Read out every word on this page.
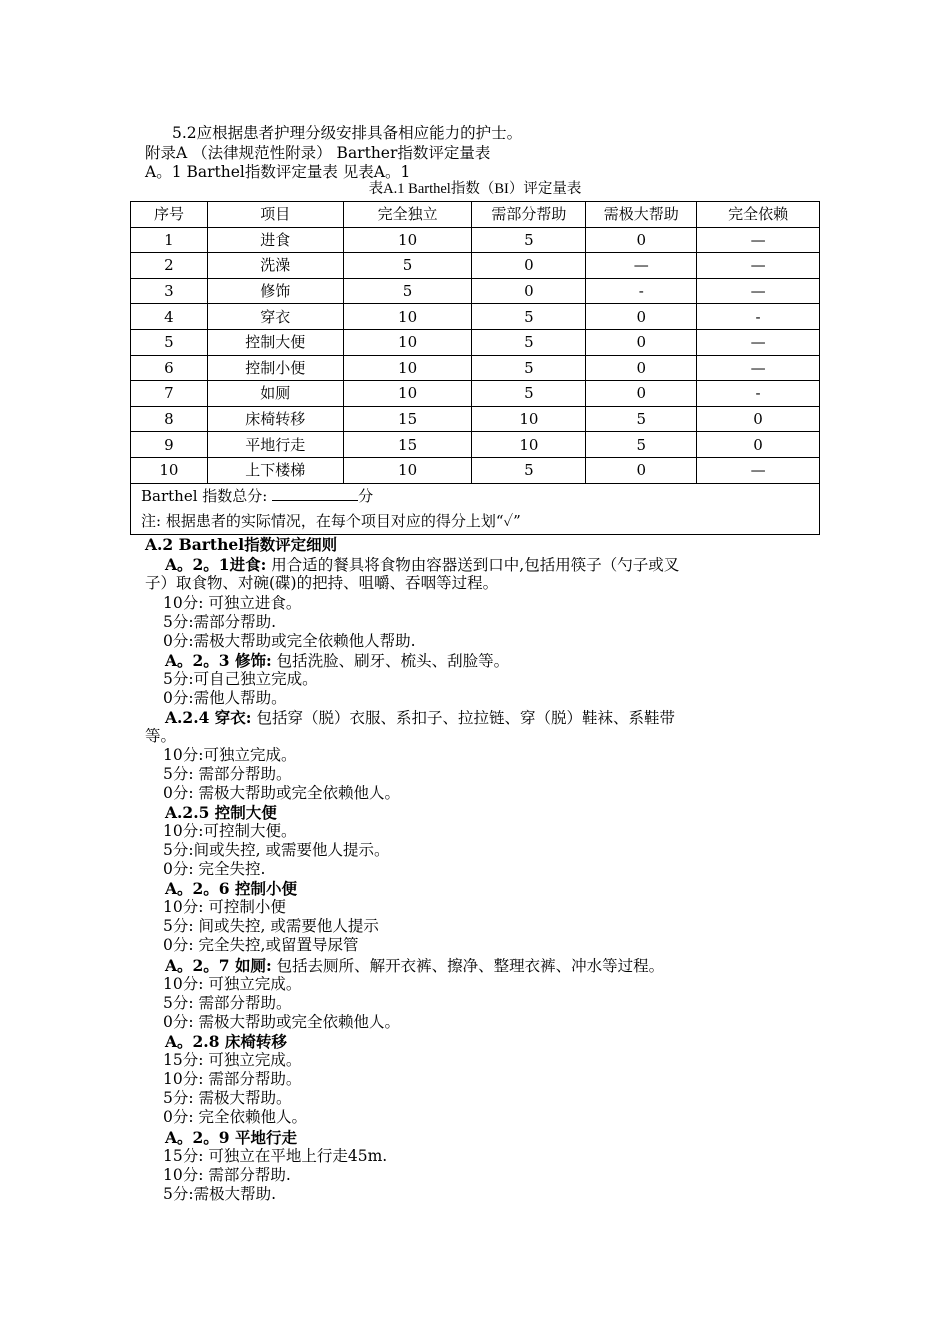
5.2应根据患者护理分级安排具备相应能力的护士。
附录A （法律规范性附录） Barther指数评定量表
A。1 Barthel指数评定量表 见表A。1
表A.1 Barthel指数（BI）评定量表
序号	项目	完全独立	需部分帮助	需极大帮助	完全依赖
1	进食	10	5	0	—
2	洗澡	5	0	—	—
3	修饰	5	0	-	—
4	穿衣	10	5	0	-
5	控制大便	10	5	0	—
6	控制小便	10	5	0	—
7	如厕	10	5	0	-
8	床椅转移	15	10	5	0
9	平地行走	15	10	5	0
10	上下楼梯	10	5	0	—

Barthel 指数总分: 分
注: 根据患者的实际情况，在每个项目对应的得分上划“✓”					
A.2 Barthel指数评定细则
A。2。1进食: 用合适的餐具将食物由容器送到口中,包括用筷子（勺子或叉
子）取食物、对碗(碟)的把持、咀嚼、吞咽等过程。
10分: 可独立进食。
5分:需部分帮助.
0分:需极大帮助或完全依赖他人帮助.
A。2。3 修饰: 包括洗脸、刷牙、梳头、刮脸等。
5分:可自己独立完成。
0分:需他人帮助。
A.2.4 穿衣: 包括穿（脱）衣服、系扣子、拉拉链、穿（脱）鞋袜、系鞋带
等。
10分:可独立完成。
5分: 需部分帮助。
0分: 需极大帮助或完全依赖他人。
A.2.5 控制大便
10分:可控制大便。
5分:间或失控, 或需要他人提示。
0分: 完全失控.
A。2。6 控制小便
10分: 可控制小便
5分: 间或失控, 或需要他人提示
0分: 完全失控,或留置导尿管
A。2。7 如厕: 包括去厕所、解开衣裤、擦净、整理衣裤、冲水等过程。
10分: 可独立完成。
5分: 需部分帮助。
0分: 需极大帮助或完全依赖他人。
A。2.8 床椅转移
15分: 可独立完成。
10分: 需部分帮助。
5分: 需极大帮助。
0分: 完全依赖他人。
A。2。9 平地行走
15分: 可独立在平地上行走45m.
10分: 需部分帮助.
5分:需极大帮助.
